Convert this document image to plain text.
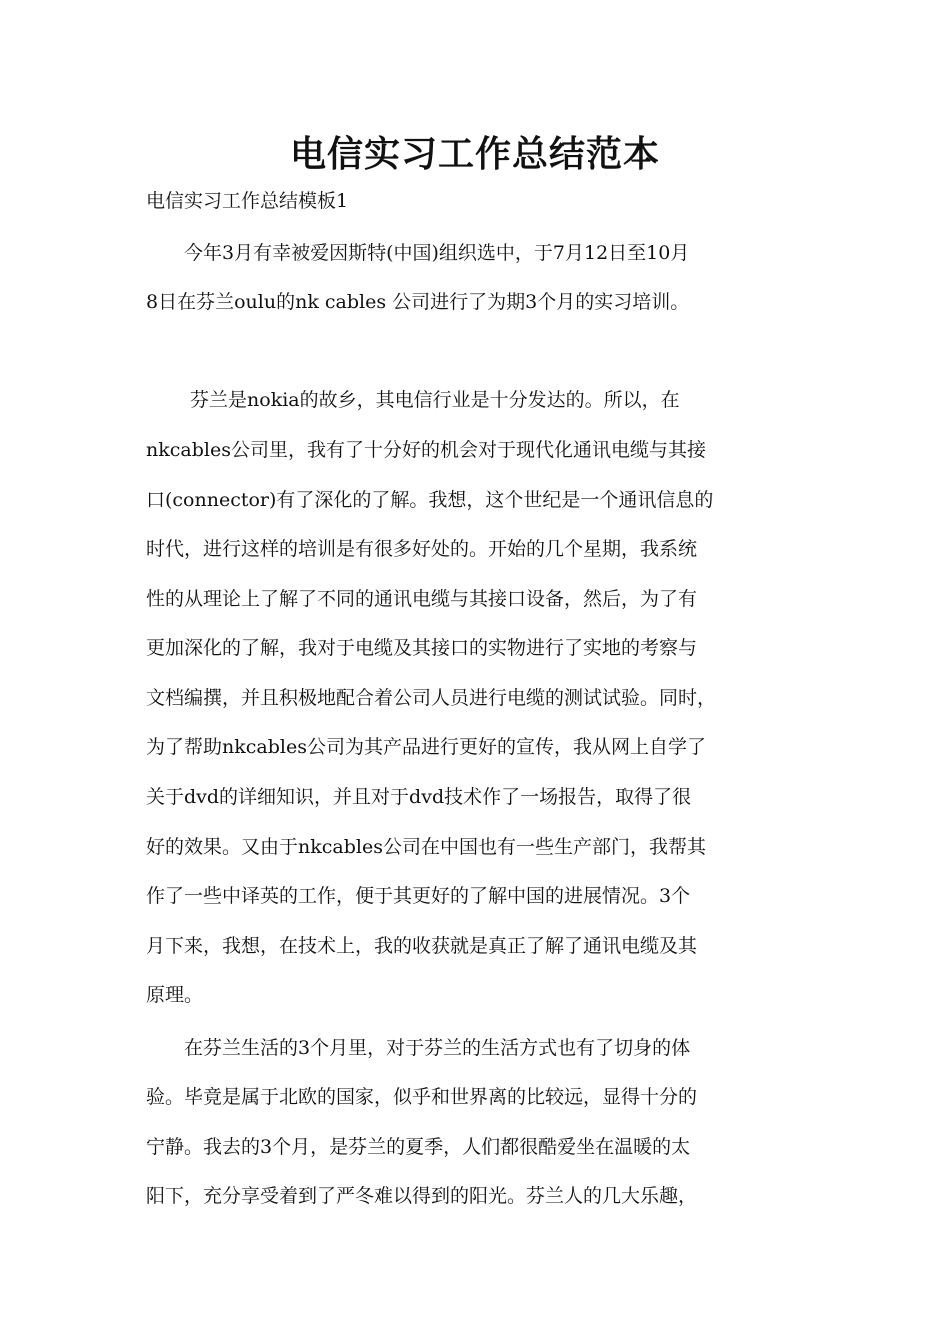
电信实习工作总结范本

电信实习工作总结模板1

　　今年3月有幸被爱因斯特(中国)组织选中，于7月12日至10月

8日在芬兰oulu的nk cables 公司进行了为期3个月的实习培训。

　　 芬兰是nokia的故乡，其电信行业是十分发达的。所以，在

nkcables公司里，我有了十分好的机会对于现代化通讯电缆与其接

口(connector)有了深化的了解。我想，这个世纪是一个通讯信息的

时代，进行这样的培训是有很多好处的。开始的几个星期，我系统

性的从理论上了解了不同的通讯电缆与其接口设备，然后，为了有

更加深化的了解，我对于电缆及其接口的实物进行了实地的考察与

文档编撰，并且积极地配合着公司人员进行电缆的测试试验。同时，

为了帮助nkcables公司为其产品进行更好的宣传，我从网上自学了

关于dvd的详细知识，并且对于dvd技术作了一场报告，取得了很

好的效果。又由于nkcables公司在中国也有一些生产部门，我帮其

作了一些中译英的工作，便于其更好的了解中国的进展情况。3个

月下来，我想，在技术上，我的收获就是真正了解了通讯电缆及其

原理。

　　在芬兰生活的3个月里，对于芬兰的生活方式也有了切身的体

验。毕竟是属于北欧的国家，似乎和世界离的比较远，显得十分的

宁静。我去的3个月，是芬兰的夏季，人们都很酷爱坐在温暖的太

阳下，充分享受着到了严冬难以得到的阳光。芬兰人的几大乐趣，
